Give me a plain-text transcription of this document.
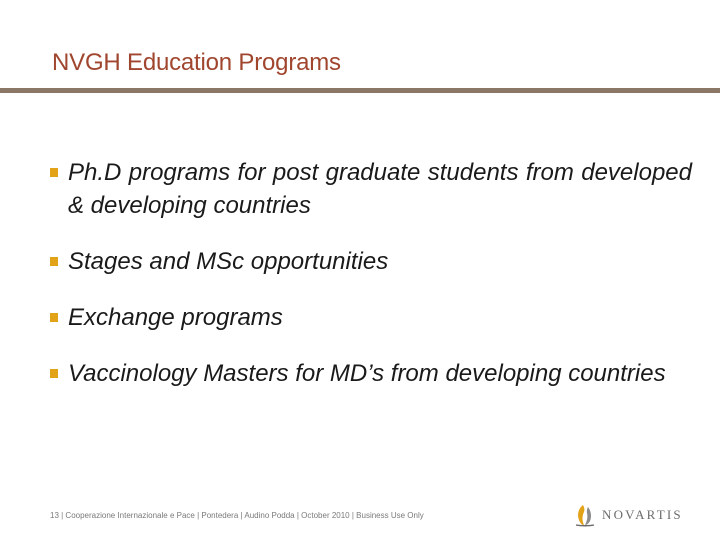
NVGH Education Programs
Ph.D programs for post graduate students from developed & developing countries
Stages and MSc opportunities
Exchange programs
Vaccinology Masters for MD’s from developing countries
13 | Cooperazione Internazionale e Pace | Pontedera | Audino Podda | October 2010 | Business Use Only	NOVARTIS
